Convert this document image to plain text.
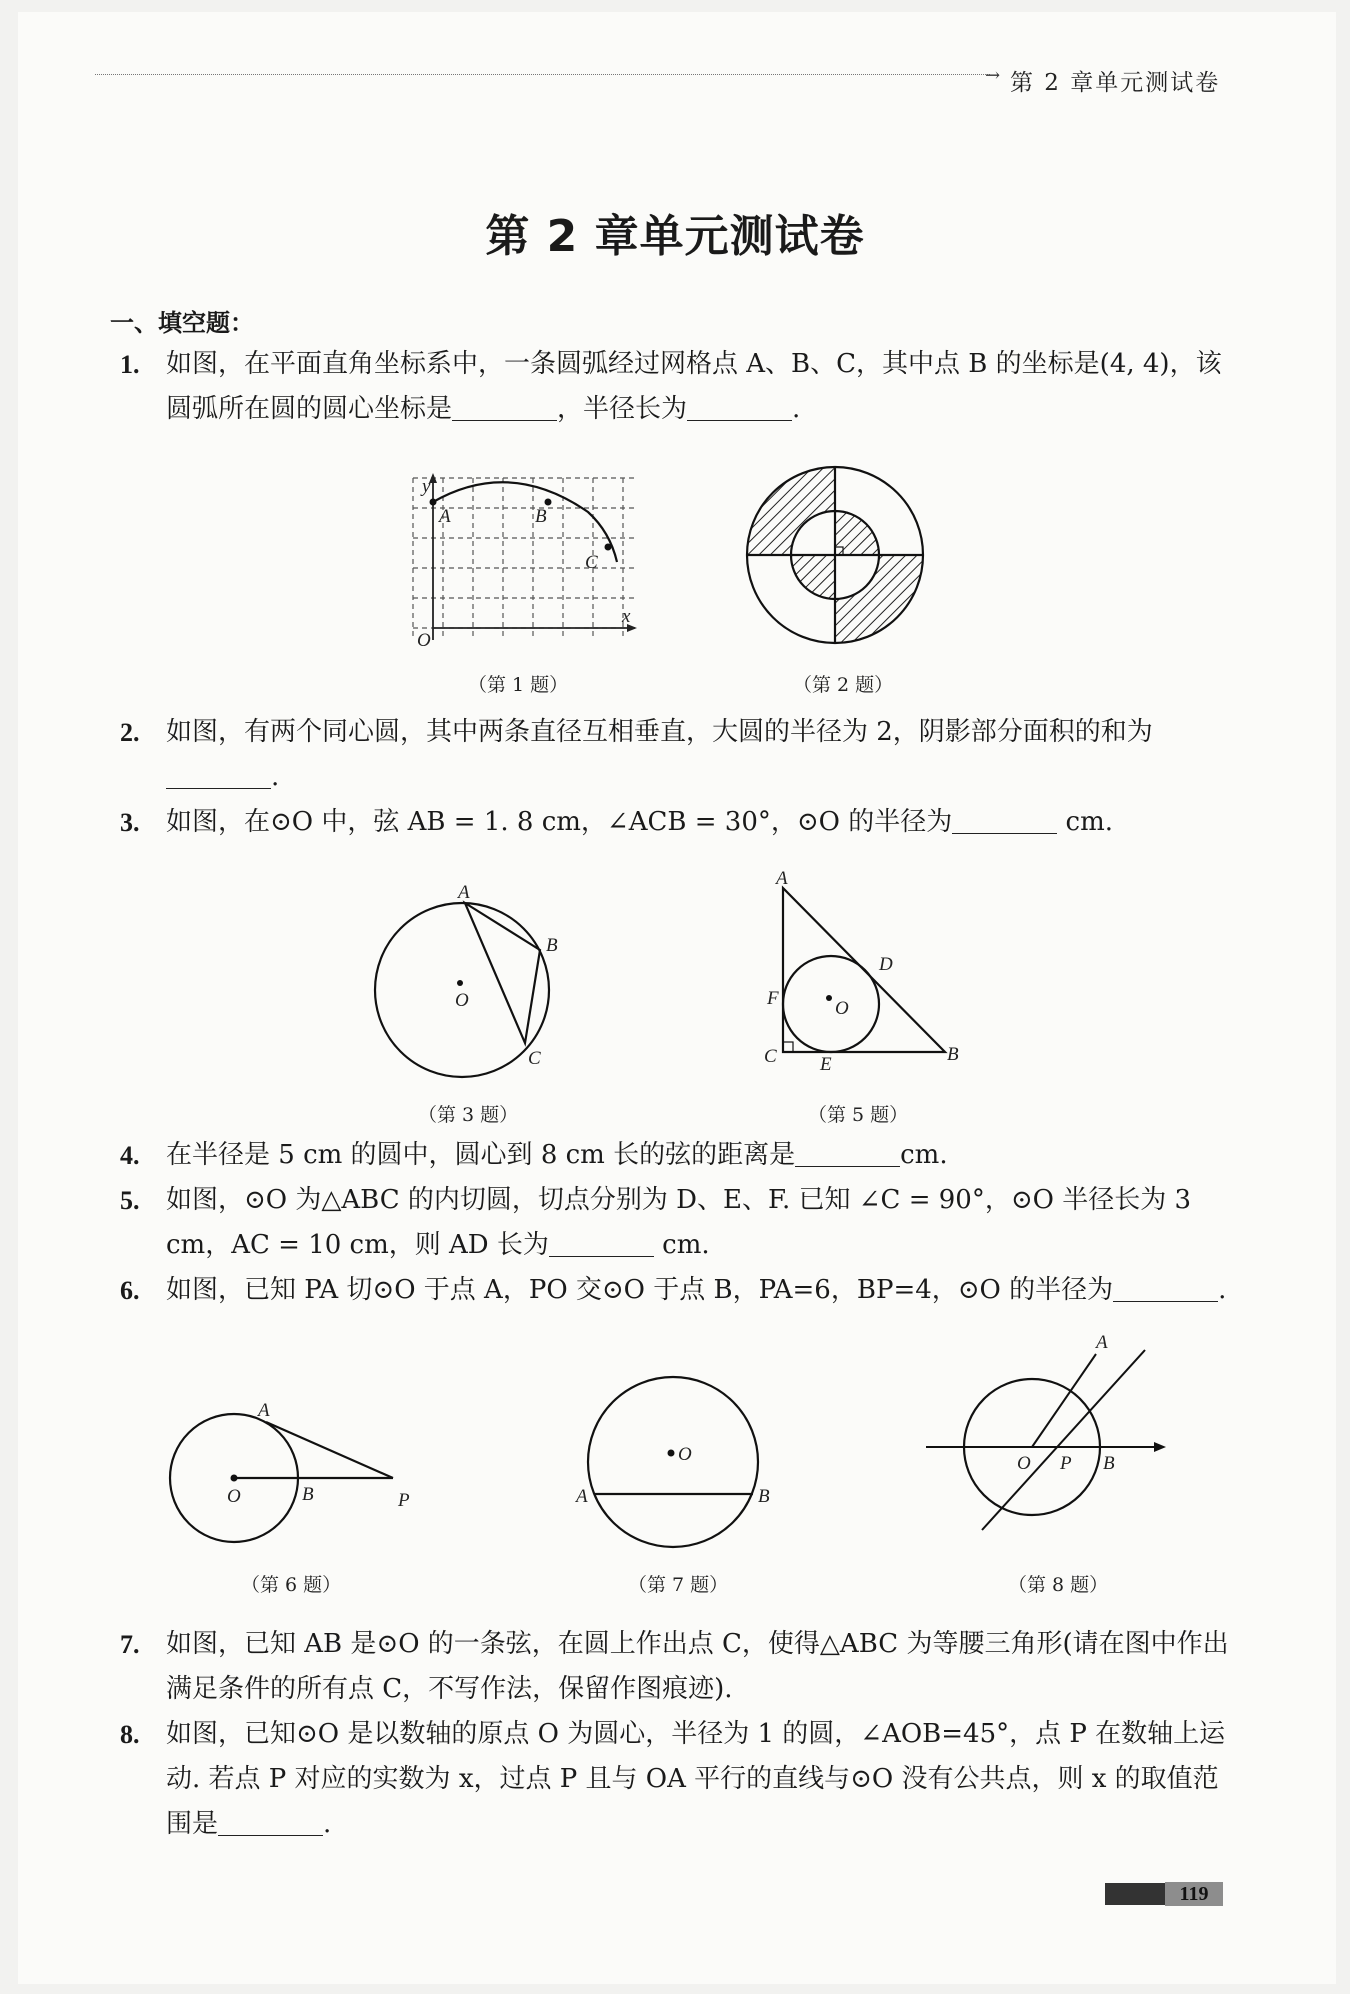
→ 第 2 章单元测试卷
第 2 章单元测试卷
一、填空题：
1. 如图，在平面直角坐标系中，一条圆弧经过网格点 A、B、C，其中点 B 的坐标是(4, 4)，该圆弧所在圆的圆心坐标是	，半径长为	.
y
A	B
C
O
x
（第 1 题）	（第 2 题）
2. 如图，有两个同心圆，其中两条直径互相垂直，大圆的半径为 2，阴影部分面积的和为.
3. 如图，在⊙O 中，弦 AB = 1. 8 cm，∠ACB = 30°，⊙O 的半径为	cm.
A
B
O
C
（第 3 题）
A
D
F	O
C E	B
（第 5 题）
4. 在半径是 5 cm 的圆中，圆心到 8 cm 长的弦的距离是	cm.
5. 如图，⊙O 为△ABC 的内切圆，切点分别为 D、E、F. 已知 ∠C = 90°，⊙O 半径长为 3 cm，AC = 10 cm，则 AD 长为	cm.
6. 如图，已知 PA 切⊙O 于点 A，PO 交⊙O 于点 B，PA=6，BP=4，⊙O 的半径为	.
A
O	B	P
（第 6 题）
O
A	B
（第 7 题）
A
O P B
（第 8 题）
7. 如图，已知 AB 是⊙O 的一条弦，在圆上作出点 C，使得△ABC 为等腰三角形(请在图中作出满足条件的所有点 C，不写作法，保留作图痕迹).
8. 如图，已知⊙O 是以数轴的原点 O 为圆心，半径为 1 的圆，∠AOB=45°，点 P 在数轴上运动. 若点 P 对应的实数为 x，过点 P 且与 OA 平行的直线与⊙O 没有公共点，则 x 的取值范围是	.
119
